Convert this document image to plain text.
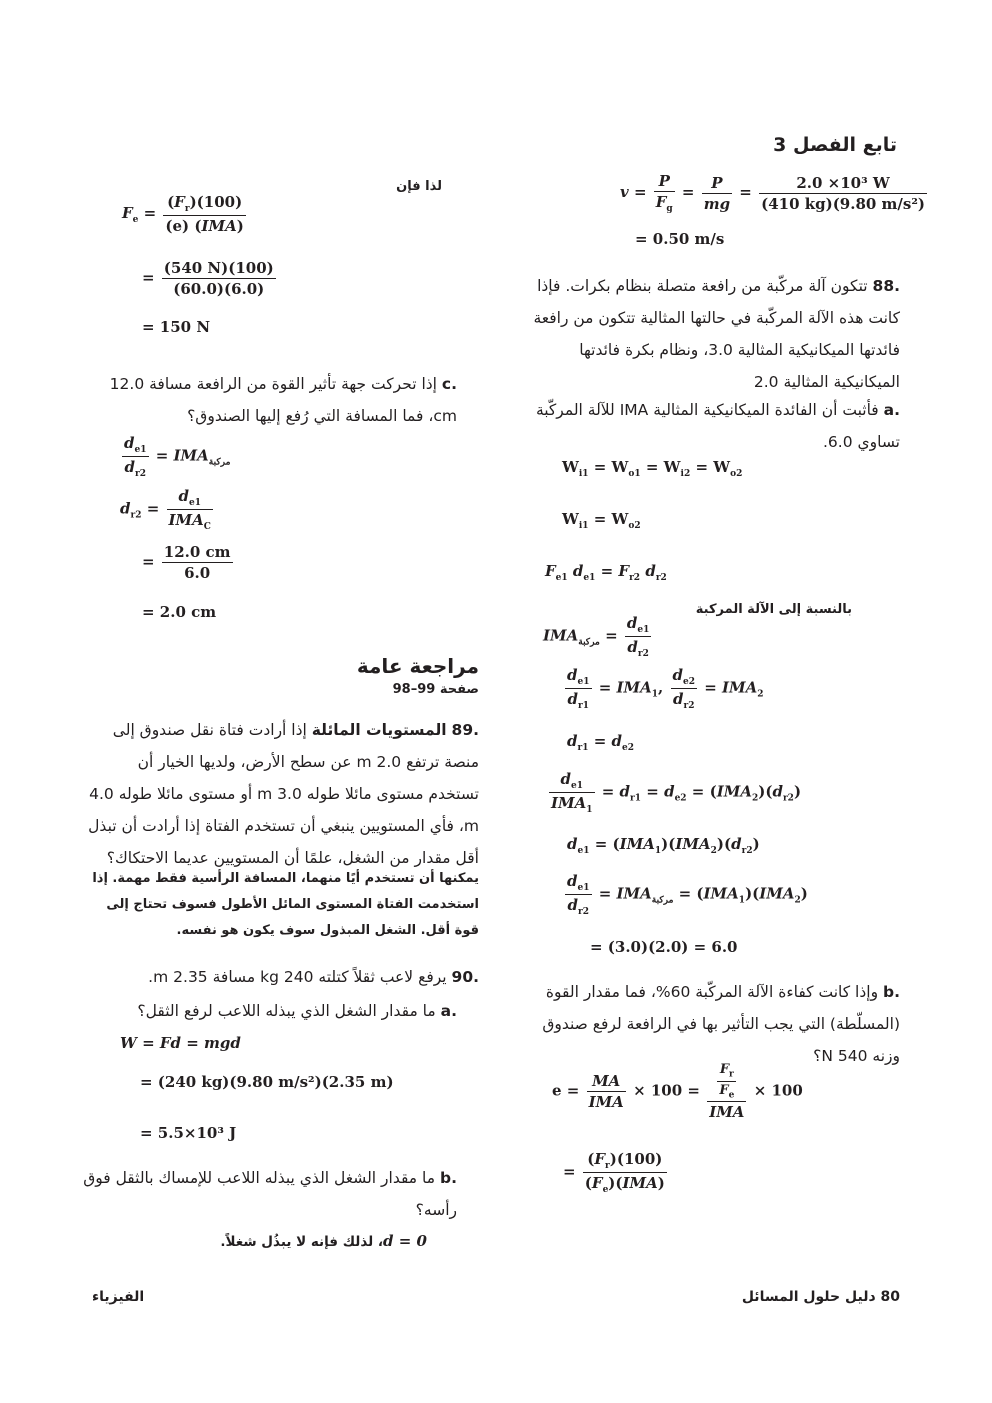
تابع الفصل 3
$v = \frac{P}{F_g} = \frac{P}{mg} = \frac{\text{2.0 ×10³ W}}{\text{(410 kg)(9.80 m/s²)}}$
= 0.50 m/s
.88 تتكون آلة مركّبة من رافعة متصلة بنظام بكرات. فإذا كانت هذه الآلة المركّبة في حالتها المثالية تتكون من رافعة فائدتها الميكانيكية المثالية 3.0، ونظام بكرة فائدتها الميكانيكية المثالية 2.0
.a فأثبت أن الفائدة الميكانيكية المثالية IMA للآلة المركّبة تساوي 6.0.
$W_{i1} = W_{o1} = W_{i2} = W_{o2}$
$W_{i1} = W_{o2}$
$F_{e1}$ $d_{e1} = F_{r2}$ $d_{r2}$
بالنسبة إلى الآلة المركبة
$IMA_{مركبة} = \frac{d_{e1}}{d_{r2}}$
$\frac{d_{e1}}{d_{r1}} = IMA_1$, $\frac{d_{e2}}{d_{r2}} = IMA_2$
$d_{r1} = d_{e2}$
$\frac{d_{e1}}{IMA_1} = d_{r1} = d_{e2} = (IMA_2)(d_{r2})$
$d_{e1} = (IMA_1)(IMA_2)(d_{r2})$
$\frac{d_{e1}}{d_{r2}} = IMA_{مركبة} = (IMA_1)(IMA_2)$
= (3.0)(2.0) = 6.0
.b وإذا كانت كفاءة الآلة المركّبة 60%، فما مقدار القوة (المسلّطة) التي يجب التأثير بها في الرافعة لرفع صندوق وزنه 540 N؟
$e = \frac{MA}{\text{IMA}} \times 100 = \frac{\frac{F_r}{F_e}}{\text{IMA}} \times 100$
= $\frac{(F_r)(100)}{(F_e)(IMA)}$
لذا فإن
$F_e = \frac{(F_r)(100)}{\text{(e) (IMA)}}$
= $\frac{(540 N)(100)}{(60.0)(6.0)}$
= 150 N
.c إذا تحركت جهة تأثير القوة من الرافعة مسافة 12.0 cm، فما المسافة التي رُفع إليها الصندوق؟
$\frac{d_{e1}}{d_{r2}} = IMA_{مركبة}$
$d_{r2} = \frac{d_{e1}}{IMA_C}$
= $\frac{12.0 cm}{6.0}$
= 2.0 cm
مراجعة عامة
صفحة 99–98
.89 المستويات المائلة إذا أرادت فتاة نقل صندوق إلى منصة ترتفع 2.0 m عن سطح الأرض، ولديها الخيار أن تستخدم مستوى مائلا طوله 3.0 m أو مستوى مائلا طوله 4.0 m، فأي المستويين ينبغي أن تستخدم الفتاة إذا أرادت أن تبذل أقل مقدار من الشغل، علمًا أن المستويين عديما الاحتكاك؟
يمكنها أن تستخدم أيًا منهما، المسافة الرأسية فقط مهمة. إذا استخدمت الفتاة المستوى المائل الأطول فسوف تحتاج إلى قوة أقل. الشغل المبذول سوف يكون هو نفسه.
.90 يرفع لاعب ثقلاً كتلته 240 kg مسافة 2.35 m.
.a ما مقدار الشغل الذي يبذله اللاعب لرفع الثقل؟
W = Fd = mgd
= (240 kg)(9.80 m/s²)(2.35 m)
= 5.5×10³ J
.b ما مقدار الشغل الذي يبذله اللاعب للإمساك بالثقل فوق رأسه؟
d = 0، لذلك فإنه لا يبذُل شغلاً.
80 دليل حلول المسائل
الفيزياء
